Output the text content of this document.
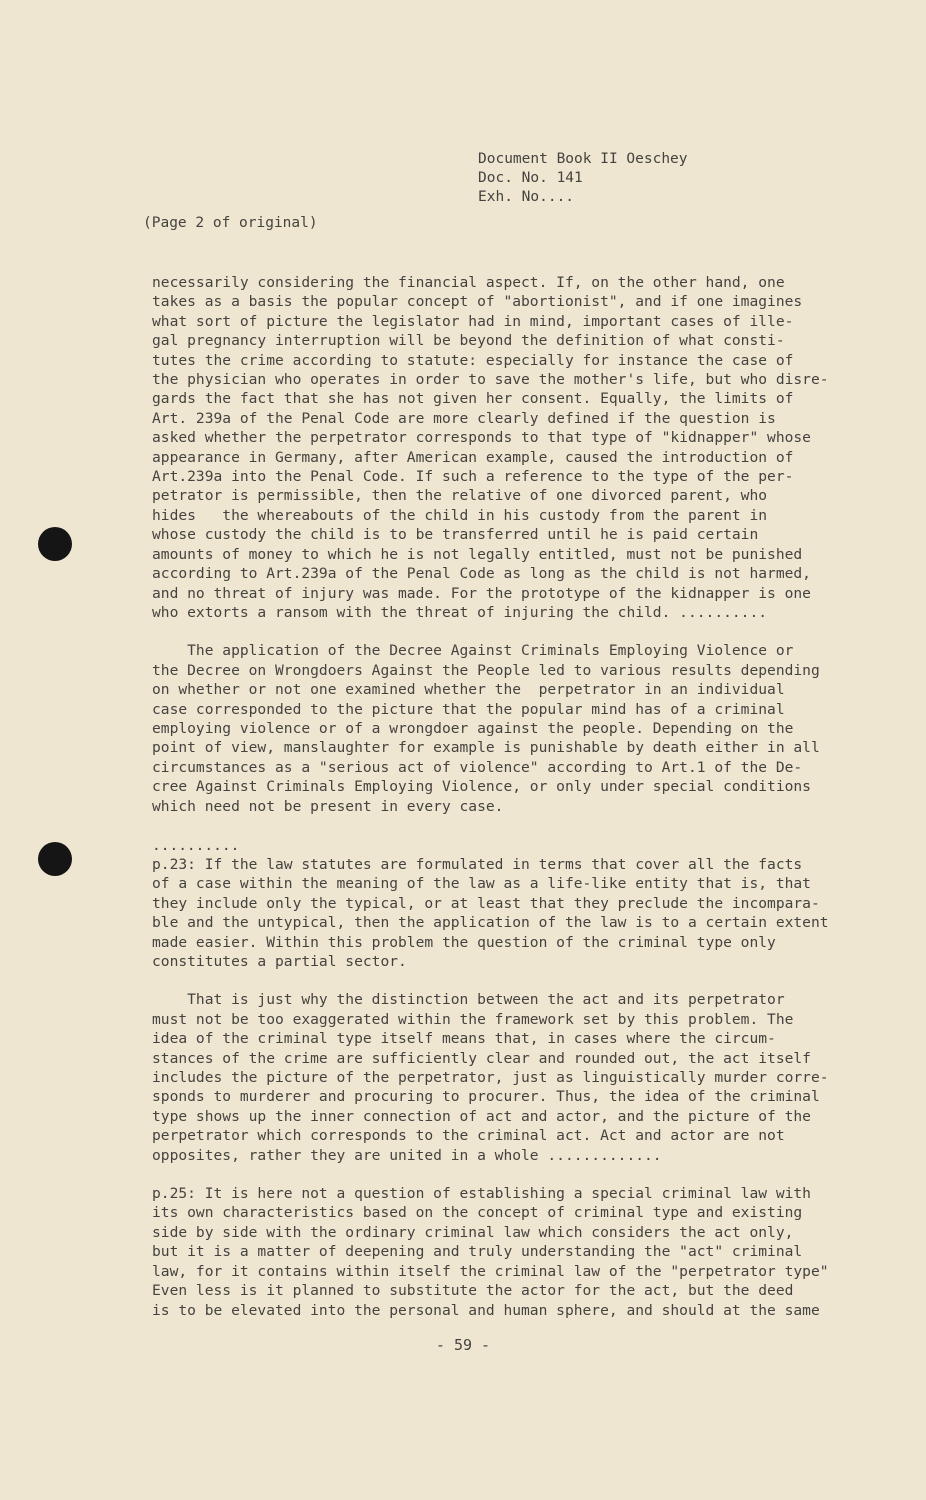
Document Book II Oeschey
Doc. No. 141
Exh. No....
(Page 2 of original)

necessarily considering the financial aspect. If, on the other hand, one

takes as a basis the popular concept of "abortionist", and if one imagines

what sort of picture the legislator had in mind, important cases of ille-

gal pregnancy interruption will be beyond the definition of what consti-

tutes the crime according to statute: especially for instance the case of

the physician who operates in order to save the mother's life, but who disre-

gards the fact that she has not given her consent. Equally, the limits of

Art. 239a of the Penal Code are more clearly defined if the question is

asked whether the perpetrator corresponds to that type of "kidnapper" whose

appearance in Germany, after American example, caused the introduction of

Art.239a into the Penal Code. If such a reference to the type of the per-

petrator is permissible, then the relative of one divorced parent, who

hides   the whereabouts of the child in his custody from the parent in

whose custody the child is to be transferred until he is paid certain

amounts of money to which he is not legally entitled, must not be punished

according to Art.239a of the Penal Code as long as the child is not harmed,

and no threat of injury was made. For the prototype of the kidnapper is one

who extorts a ransom with the threat of injuring the child. ..........

The application of the Decree Against Criminals Employing Violence or

the Decree on Wrongdoers Against the People led to various results depending

on whether or not one examined whether the  perpetrator in an individual

case corresponded to the picture that the popular mind has of a criminal

employing violence or of a wrongdoer against the people. Depending on the

point of view, manslaughter for example is punishable by death either in all

circumstances as a "serious act of violence" according to Art.1 of the De-

cree Against Criminals Employing Violence, or only under special conditions

which need not be present in every case.

p.23: If the law statutes are formulated in terms that cover all the facts

of a case within the meaning of the law as a life-like entity that is, that

they include only the typical, or at least that they preclude the incompara-

ble and the untypical, then the application of the law is to a certain extent

made easier. Within this problem the question of the criminal type only

constitutes a partial sector.

That is just why the distinction between the act and its perpetrator

must not be too exaggerated within the framework set by this problem. The

idea of the criminal type itself means that, in cases where the circum-

stances of the crime are sufficiently clear and rounded out, the act itself

includes the picture of the perpetrator, just as linguistically murder corre-

sponds to murderer and procuring to procurer. Thus, the idea of the criminal

type shows up the inner connection of act and actor, and the picture of the

perpetrator which corresponds to the criminal act. Act and actor are not

opposites, rather they are united in a whole .............

p.25: It is here not a question of establishing a special criminal law with

its own characteristics based on the concept of criminal type and existing

side by side with the ordinary criminal law which considers the act only,

but it is a matter of deepening and truly understanding the "act" criminal

law, for it contains within itself the criminal law of the "perpetrator type"

Even less is it planned to substitute the actor for the act, but the deed

is to be elevated into the personal and human sphere, and should at the same

..........
- 59 -
